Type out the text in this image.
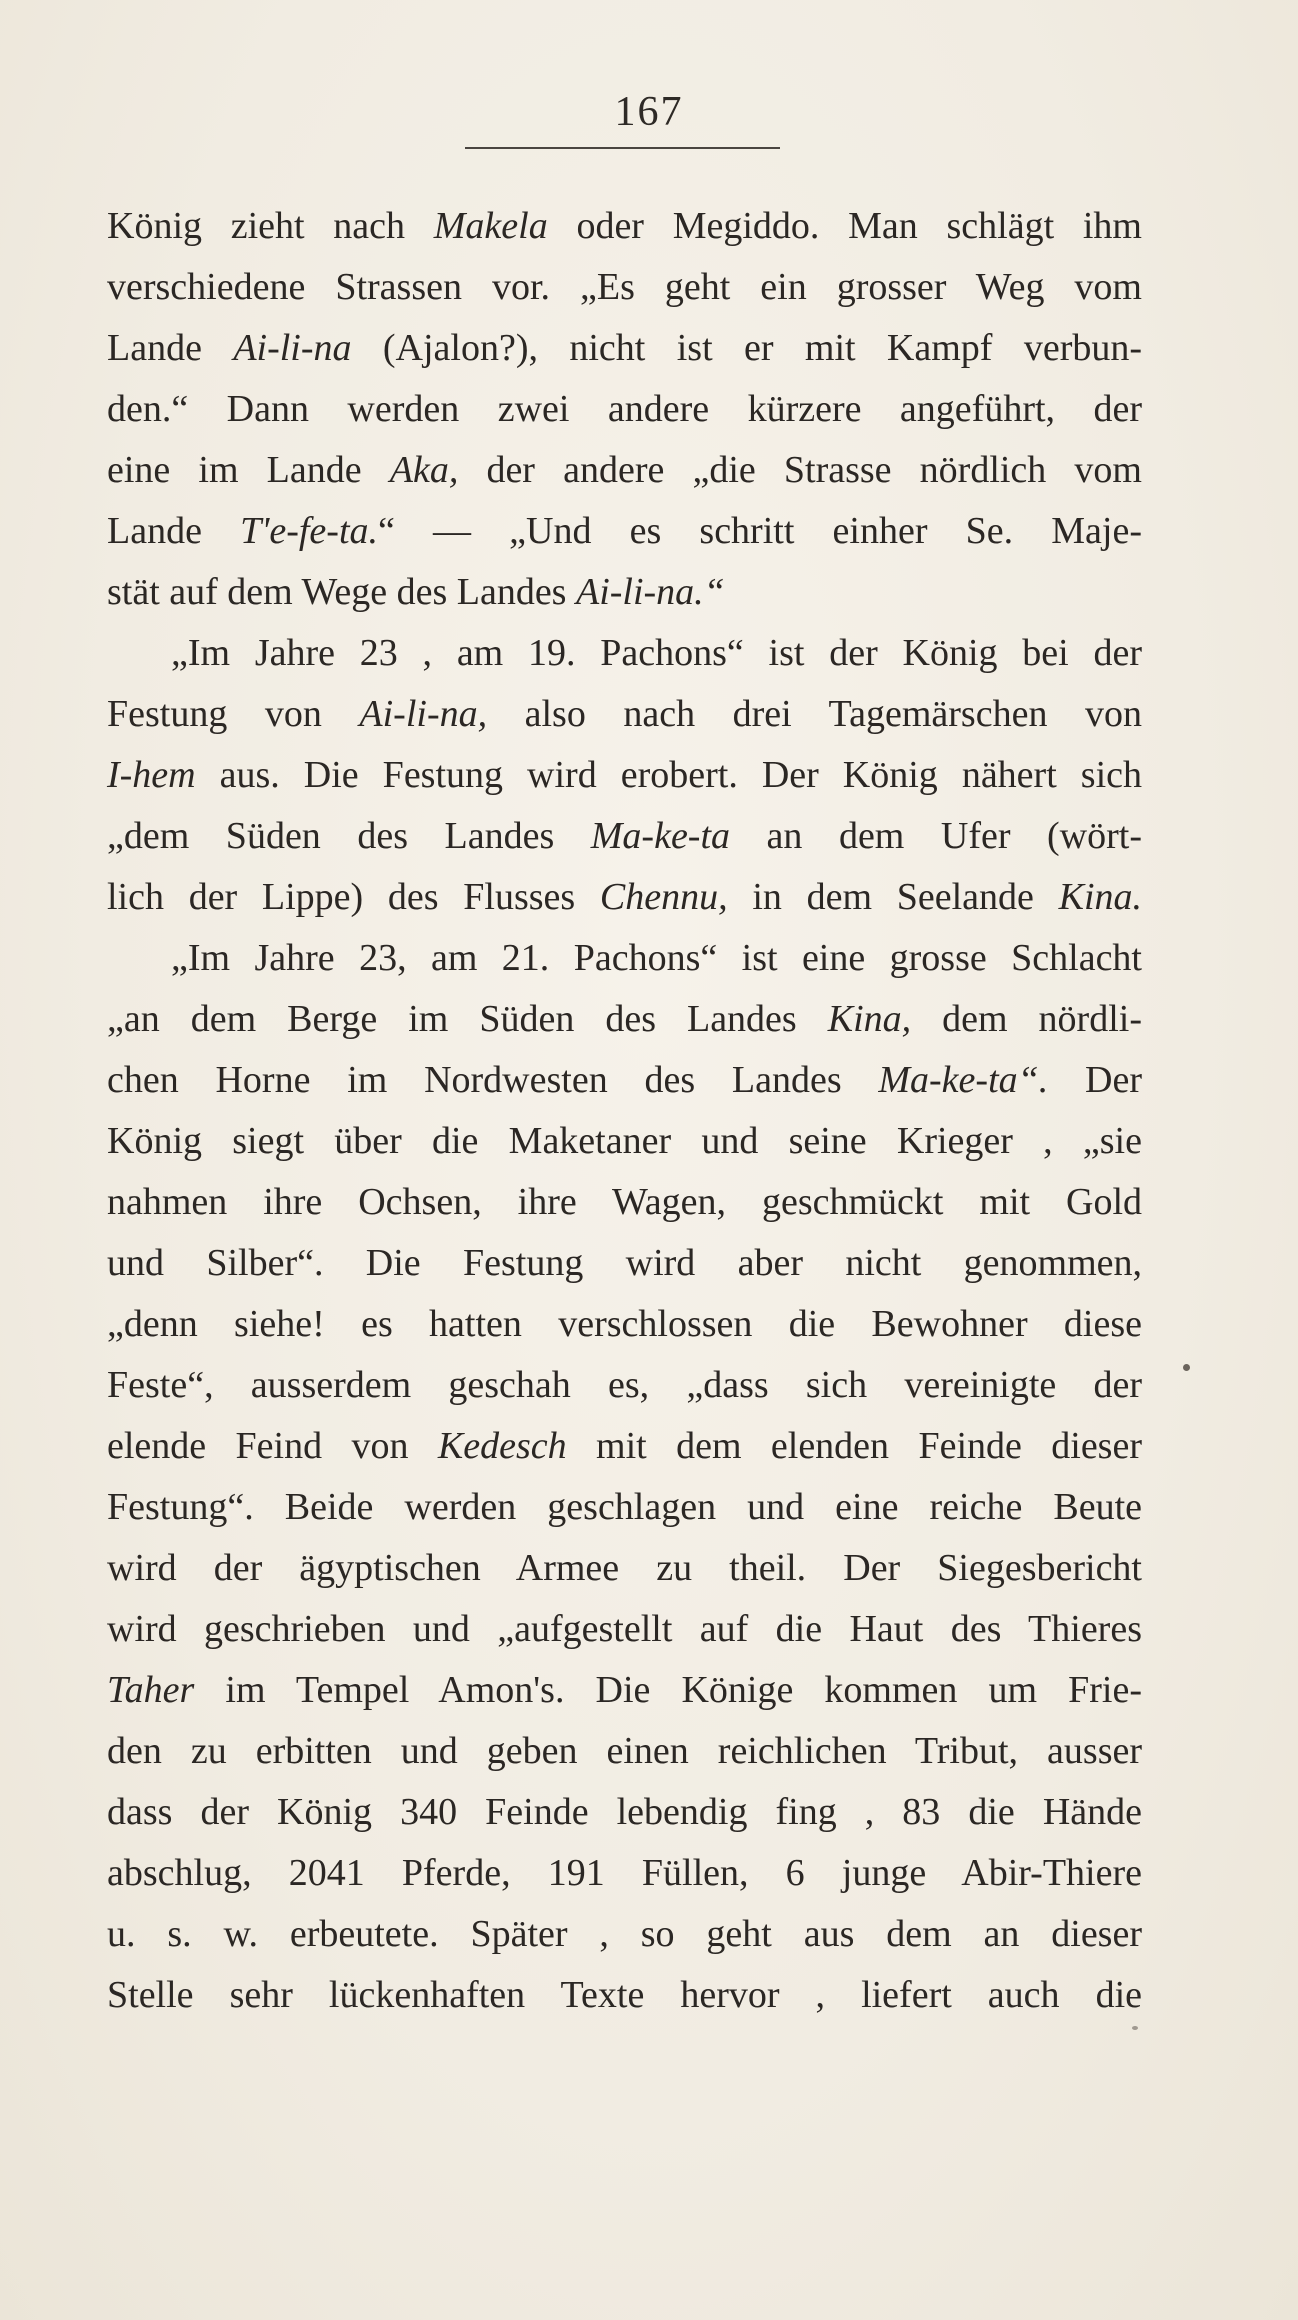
167
König zieht nach Makela oder Megiddo. Man schlägt ihm
verschiedene Strassen vor. „Es geht ein grosser Weg vom
Lande Ai-li-na (Ajalon?), nicht ist er mit Kampf verbun-
den.“ Dann werden zwei andere kürzere angeführt, der
eine im Lande Aka, der andere „die Strasse nördlich vom
Lande T'e-fe-ta.“ — „Und es schritt einher Se. Maje-
stät auf dem Wege des Landes Ai-li-na.“
„Im Jahre 23 , am 19. Pachons“ ist der König bei der
Festung von Ai-li-na, also nach drei Tagemärschen von
I-hem aus. Die Festung wird erobert. Der König nähert sich
„dem Süden des Landes Ma-ke-ta an dem Ufer (wört-
lich der Lippe) des Flusses Chennu, in dem Seelande Kina.
„Im Jahre 23, am 21. Pachons“ ist eine grosse Schlacht
„an dem Berge im Süden des Landes Kina, dem nördli-
chen Horne im Nordwesten des Landes Ma-ke-ta“. Der
König siegt über die Maketaner und seine Krieger , „sie
nahmen ihre Ochsen, ihre Wagen, geschmückt mit Gold
und Silber“. Die Festung wird aber nicht genommen,
„denn siehe! es hatten verschlossen die Bewohner diese
Feste“, ausserdem geschah es, „dass sich vereinigte der
elende Feind von Kedesch mit dem elenden Feinde dieser
Festung“. Beide werden geschlagen und eine reiche Beute
wird der ägyptischen Armee zu theil. Der Siegesbericht
wird geschrieben und „aufgestellt auf die Haut des Thieres
Taher im Tempel Amon's. Die Könige kommen um Frie-
den zu erbitten und geben einen reichlichen Tribut, ausser
dass der König 340 Feinde lebendig fing , 83 die Hände
abschlug, 2041 Pferde, 191 Füllen, 6 junge Abir-Thiere
u. s. w. erbeutete. Später , so geht aus dem an dieser
Stelle sehr lückenhaften Texte hervor , liefert auch die
